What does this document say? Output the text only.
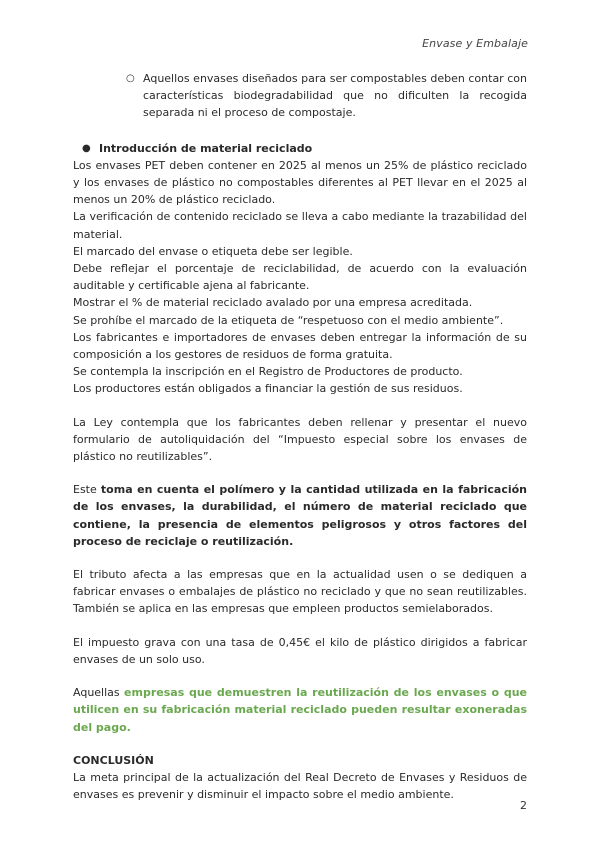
Envase y Embalaje
○ Aquellos envases diseñados para ser compostables deben contar con características biodegradabilidad que no dificulten la recogida separada ni el proceso de compostaje.
● Introducción de material reciclado

Los envases PET deben contener en 2025 al menos un 25% de plástico reciclado y los envases de plástico no compostables diferentes al PET llevar en el 2025 al menos un 20% de plástico reciclado.

La verificación de contenido reciclado se lleva a cabo mediante la trazabilidad del material.

El marcado del envase o etiqueta debe ser legible.

Debe reflejar el porcentaje de reciclabilidad, de acuerdo con la evaluación auditable y certificable ajena al fabricante.

Mostrar el % de material reciclado avalado por una empresa acreditada.

Se prohíbe el marcado de la etiqueta de “respetuoso con el medio ambiente”.

Los fabricantes e importadores de envases deben entregar la información de su composición a los gestores de residuos de forma gratuita.

Se contempla la inscripción en el Registro de Productores de producto.

Los productores están obligados a financiar la gestión de sus residuos.

La Ley contempla que los fabricantes deben rellenar y presentar el nuevo formulario de autoliquidación del “Impuesto especial sobre los envases de plástico no reutilizables”.

Este toma en cuenta el polímero y la cantidad utilizada en la fabricación de los envases, la durabilidad, el número de material reciclado que contiene, la presencia de elementos peligrosos y otros factores del proceso de reciclaje o reutilización.

El tributo afecta a las empresas que en la actualidad usen o se dediquen a fabricar envases o embalajes de plástico no reciclado y que no sean reutilizables. También se aplica en las empresas que empleen productos semielaborados.

El impuesto grava con una tasa de 0,45€ el kilo de plástico dirigidos a fabricar envases de un solo uso.

Aquellas empresas que demuestren la reutilización de los envases o que utilicen en su fabricación material reciclado pueden resultar exoneradas del pago.

CONCLUSIÓN

La meta principal de la actualización del Real Decreto de Envases y Residuos de envases es prevenir y disminuir el impacto sobre el medio ambiente.

2
